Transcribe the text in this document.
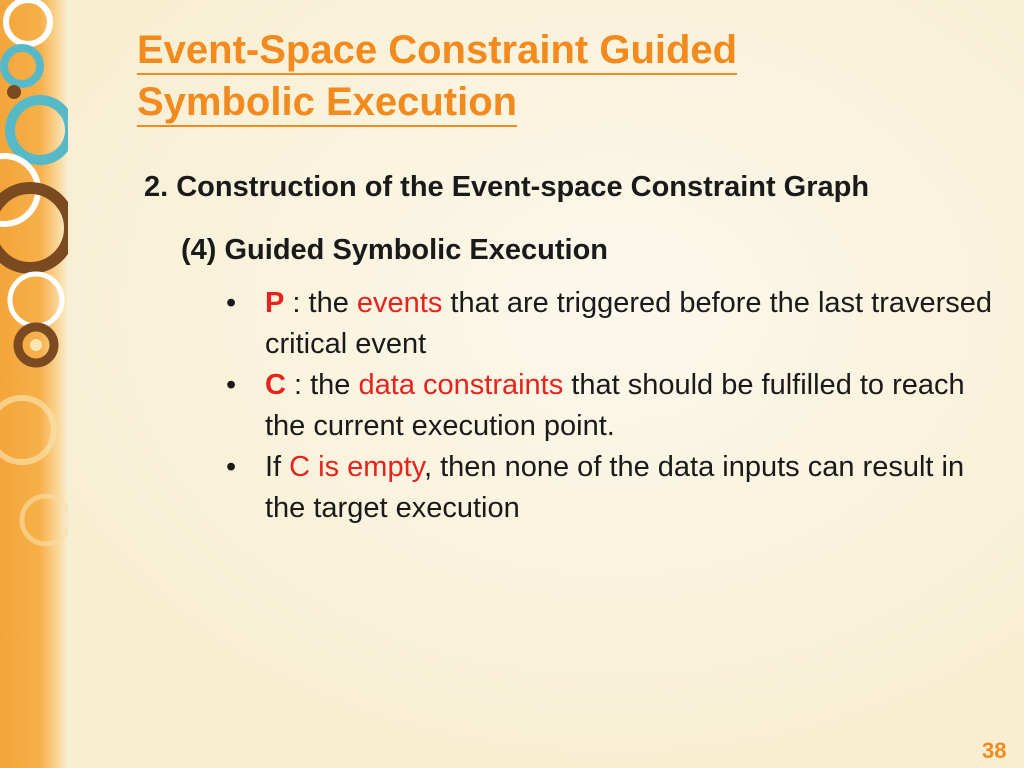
Event-Space Constraint Guided
Symbolic Execution

2. Construction of the Event-space Constraint Graph

(4) Guided Symbolic Execution

• P : the events that are triggered before the last traversed critical event
• C : the data constraints that should be fulfilled to reach the current execution point.
• If C is empty, then none of the data inputs can result in the target execution
38
